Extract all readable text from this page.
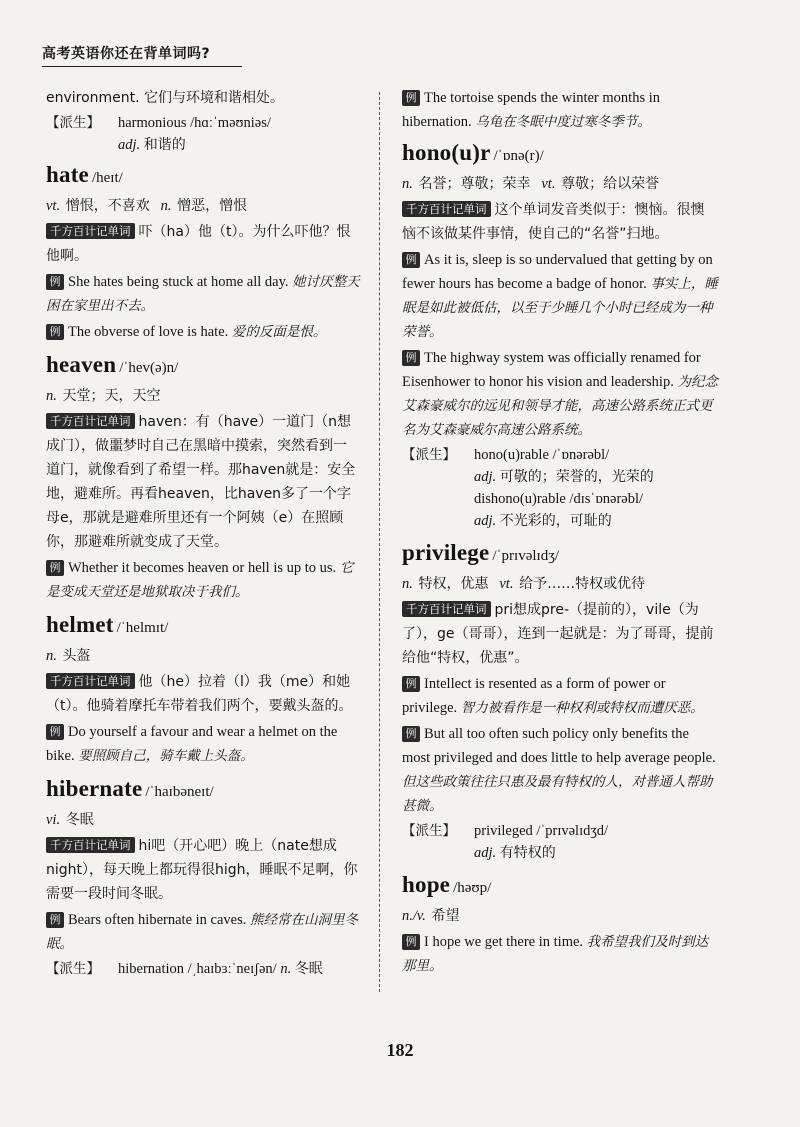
高考英语你还在背单词吗?

environment. 它们与环境和谐相处。

【派生】	harmonious /hɑːˈməʊniəs/
adj. 和谐的
hate /heɪt/

vt. 憎恨，不喜欢 n. 憎恶，憎恨

千方百计记单词 吓（ha）他（t）。为什么吓他？恨他啊。

例 She hates being stuck at home all day. 她讨厌整天困在家里出不去。

例 The obverse of love is hate. 爱的反面是恨。

heaven /ˈhev(ə)n/

n. 天堂；天，天空

千方百计记单词 haven：有（have）一道门（n想成门），做噩梦时自己在黑暗中摸索，突然看到一道门，就像看到了希望一样。那haven就是：安全地，避难所。再看heaven，比haven多了一个字母e，那就是避难所里还有一个阿姨（e）在照顾你，那避难所就变成了天堂。

例 Whether it becomes heaven or hell is up to us. 它是变成天堂还是地狱取决于我们。

helmet /ˈhelmɪt/

n. 头盔

千方百计记单词 他（he）拉着（l）我（me）和她（t）。他骑着摩托车带着我们两个，要戴头盔的。

例 Do yourself a favour and wear a helmet on the bike. 要照顾自己，骑车戴上头盔。

hibernate /ˈhaɪbəneɪt/

vi. 冬眠

千方百计记单词 hi吧（开心吧）晚上（nate想成night），每天晚上都玩得很high，睡眠不足啊，你需要一段时间冬眠。

例 Bears often hibernate in caves. 熊经常在山洞里冬眠。

【派生】	hibernation /ˌhaɪbɜːˈneɪʃən/ n. 冬眠

例 The tortoise spends the winter months in hibernation. 乌龟在冬眠中度过寒冬季节。

hono(u)r /ˈɒnə(r)/

n. 名誉；尊敬；荣幸 vt. 尊敬；给以荣誉

千方百计记单词 这个单词发音类似于：懊恼。很懊恼不该做某件事情，使自己的“名誉”扫地。

例 As it is, sleep is so undervalued that getting by on fewer hours has become a badge of honor. 事实上，睡眠是如此被低估，以至于少睡几个小时已经成为一种荣誉。

例 The highway system was officially renamed for Eisenhower to honor his vision and leadership. 为纪念艾森豪威尔的远见和领导才能，高速公路系统正式更名为艾森豪威尔高速公路系统。

【派生】	hono(u)rable /ˈɒnərəbl/
adj. 可敬的；荣誉的，光荣的
dishono(u)rable /dɪsˈɒnərəbl/
adj. 不光彩的，可耻的
privilege /ˈprɪvəlɪdʒ/

n. 特权，优惠 vt. 给予……特权或优待

千方百计记单词 pri想成pre-（提前的），vile（为了），ge（哥哥），连到一起就是：为了哥哥，提前给他“特权，优惠”。

例 Intellect is resented as a form of power or privilege. 智力被看作是一种权利或特权而遭厌恶。

例 But all too often such policy only benefits the most privileged and does little to help average people. 但这些政策往往只惠及最有特权的人，对普通人帮助甚微。

【派生】	privileged /ˈprɪvəlɪdʒd/
adj. 有特权的
hope /həʊp/

n./v. 希望

例 I hope we get there in time. 我希望我们及时到达那里。

182
